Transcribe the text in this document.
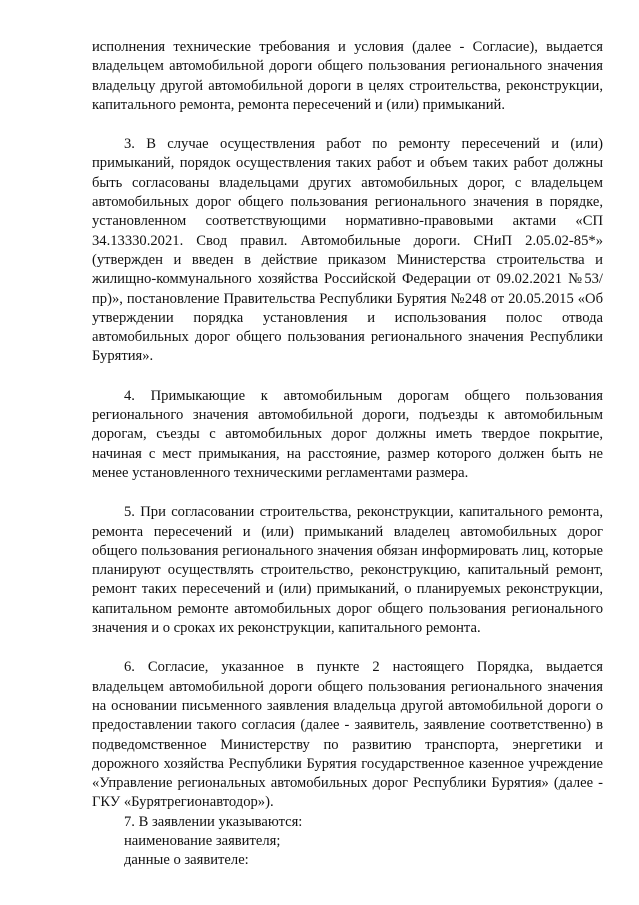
исполнения технические требования и условия (далее - Согласие), выдается владельцем автомобильной дороги общего пользования регионального значения владельцу другой автомобильной дороги в целях строительства, реконструкции, капитального ремонта, ремонта пересечений и (или) примыканий.

3. В случае осуществления работ по ремонту пересечений и (или) примыканий, порядок осуществления таких работ и объем таких работ должны быть согласованы владельцами других автомобильных дорог, с владельцем автомобильных дорог общего пользования регионального значения в порядке, установленном соответствующими нормативно-правовыми актами «СП 34.13330.2021. Свод правил. Автомобильные дороги. СНиП 2.05.02-85*» (утвержден и введен в действие приказом Министерства строительства и жилищно-коммунального хозяйства Российской Федерации от 09.02.2021 №53/пр)», постановление Правительства Республики Бурятия №248 от 20.05.2015 «Об утверждении порядка установления и использования полос отвода автомобильных дорог общего пользования регионального значения Республики Бурятия».

4. Примыкающие к автомобильным дорогам общего пользования регионального значения автомобильной дороги, подъезды к автомобильным дорогам, съезды с автомобильных дорог должны иметь твердое покрытие, начиная с мест примыкания, на расстояние, размер которого должен быть не менее установленного техническими регламентами размера.

5. При согласовании строительства, реконструкции, капитального ремонта, ремонта пересечений и (или) примыканий владелец автомобильных дорог общего пользования регионального значения обязан информировать лиц, которые планируют осуществлять строительство, реконструкцию, капитальный ремонт, ремонт таких пересечений и (или) примыканий, о планируемых реконструкции, капитальном ремонте автомобильных дорог общего пользования регионального значения и о сроках их реконструкции, капитального ремонта.

6. Согласие, указанное в пункте 2 настоящего Порядка, выдается владельцем автомобильной дороги общего пользования регионального значения на основании письменного заявления владельца другой автомобильной дороги о предоставлении такого согласия (далее - заявитель, заявление соответственно) в подведомственное Министерству по развитию транспорта, энергетики и дорожного хозяйства Республики Бурятия государственное казенное учреждение «Управление региональных автомобильных дорог Республики Бурятия» (далее - ГКУ «Бурятрегионавтодор»).

7. В заявлении указываются:

наименование заявителя;

данные о заявителе:
